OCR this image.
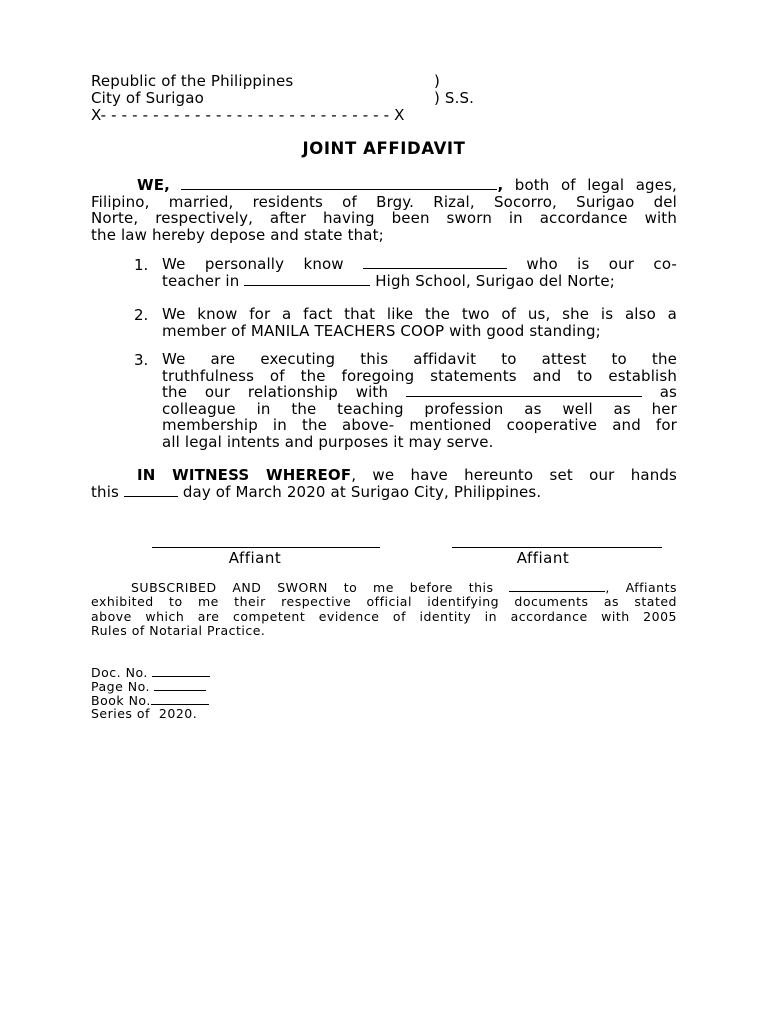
Republic of the Philippines	)
City of Surigao	) S.S.
X- - - - - - - - - - - - - - - - - - - - - - - - - - - - X
JOINT AFFIDAVIT
WE,	, both of legal ages,
Filipino, married, residents of Brgy. Rizal, Socorro, Surigao del
Norte, respectively, after having been sworn in accordance with
the law hereby depose and state that;
1. We personally know	who is our co-
teacher in	High School, Surigao del Norte;
2. We know for a fact that like the two of us, she is also a
member of MANILA TEACHERS COOP with good standing;
3. We are executing this affidavit to attest to the
truthfulness of the foregoing statements and to establish
the our relationship with	as
colleague in the teaching profession as well as her
membership in the above- mentioned cooperative and for
all legal intents and purposes it may serve.
IN WITNESS WHEREOF, we have hereunto set our hands
this	day of March 2020 at Surigao City, Philippines.
Affiant	Affiant
SUBSCRIBED AND SWORN to me before this	, Affiants
exhibited to me their respective official identifying documents as stated
above which are competent evidence of identity in accordance with 2005
Rules of Notarial Practice.
Doc. No.
Page No.
Book No.
Series of  2020.
